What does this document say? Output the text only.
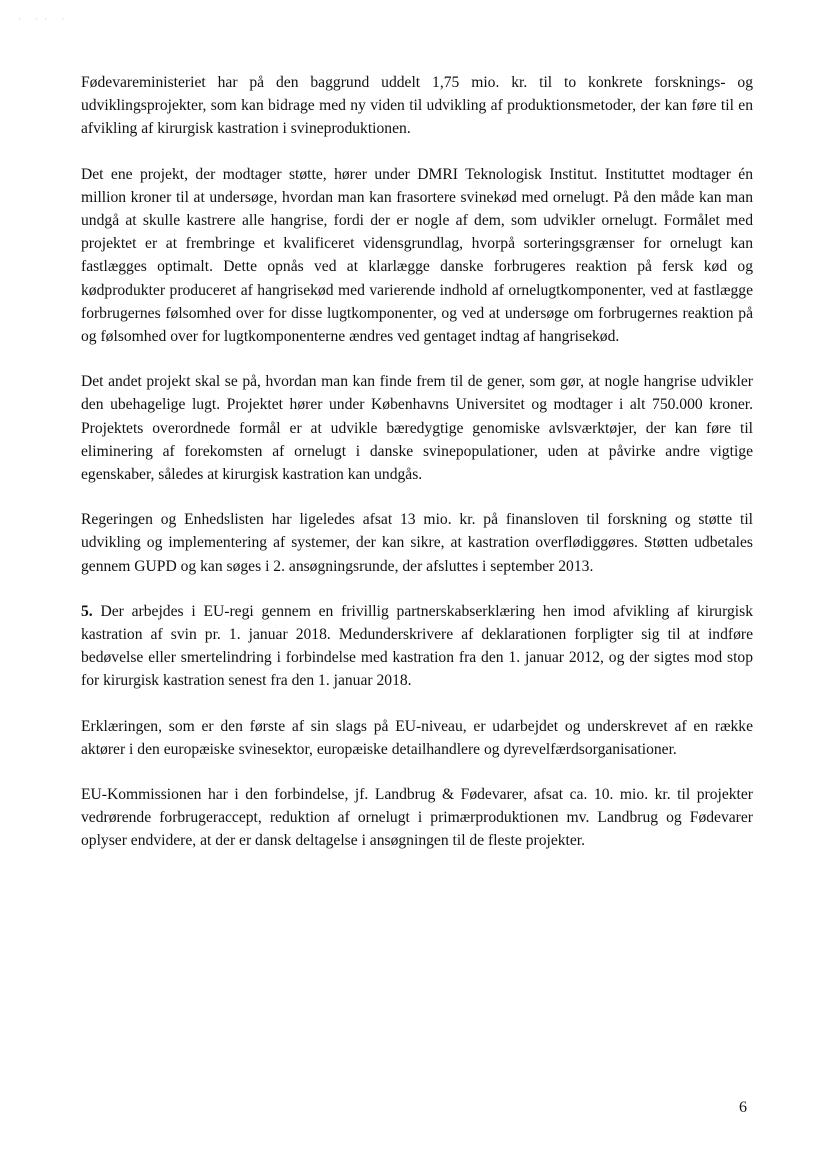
· ·· ·

Fødevareministeriet har på den baggrund uddelt 1,75 mio. kr. til to konkrete forsknings- og udviklingsprojekter, som kan bidrage med ny viden til udvikling af produktionsmetoder, der kan føre til en afvikling af kirurgisk kastration i svineproduktionen.

Det ene projekt, der modtager støtte, hører under DMRI Teknologisk Institut. Instituttet modtager én million kroner til at undersøge, hvordan man kan frasortere svinekød med ornelugt. På den måde kan man undgå at skulle kastrere alle hangrise, fordi der er nogle af dem, som udvikler ornelugt. Formålet med projektet er at frembringe et kvalificeret vidensgrundlag, hvorpå sorteringsgrænser for ornelugt kan fastlægges optimalt. Dette opnås ved at klarlægge danske forbrugeres reaktion på fersk kød og kødprodukter produceret af hangrisekød med varierende indhold af ornelugtkomponenter, ved at fastlægge forbrugernes følsomhed over for disse lugtkomponenter, og ved at undersøge om forbrugernes reaktion på og følsomhed over for lugtkomponenterne ændres ved gentaget indtag af hangrisekød.

Det andet projekt skal se på, hvordan man kan finde frem til de gener, som gør, at nogle hangrise udvikler den ubehagelige lugt. Projektet hører under Københavns Universitet og modtager i alt 750.000 kroner. Projektets overordnede formål er at udvikle bæredygtige genomiske avlsværktøjer, der kan føre til eliminering af forekomsten af ornelugt i danske svinepopulationer, uden at påvirke andre vigtige egenskaber, således at kirurgisk kastration kan undgås.

Regeringen og Enhedslisten har ligeledes afsat 13 mio. kr. på finansloven til forskning og støtte til udvikling og implementering af systemer, der kan sikre, at kastration overflødiggøres. Støtten udbetales gennem GUPD og kan søges i 2. ansøgningsrunde, der afsluttes i september 2013.

5. Der arbejdes i EU-regi gennem en frivillig partnerskabserklæring hen imod afvikling af kirurgisk kastration af svin pr. 1. januar 2018. Medunderskrivere af deklarationen forpligter sig til at indføre bedøvelse eller smertelindring i forbindelse med kastration fra den 1. januar 2012, og der sigtes mod stop for kirurgisk kastration senest fra den 1. januar 2018.

Erklæringen, som er den første af sin slags på EU-niveau, er udarbejdet og underskrevet af en række aktører i den europæiske svinesektor, europæiske detailhandlere og dyrevelfærdsorganisationer.

EU-Kommissionen har i den forbindelse, jf. Landbrug & Fødevarer, afsat ca. 10. mio. kr. til projekter vedrørende forbrugeraccept, reduktion af ornelugt i primærproduktionen mv. Landbrug og Fødevarer oplyser endvidere, at der er dansk deltagelse i ansøgningen til de fleste projekter.

6
